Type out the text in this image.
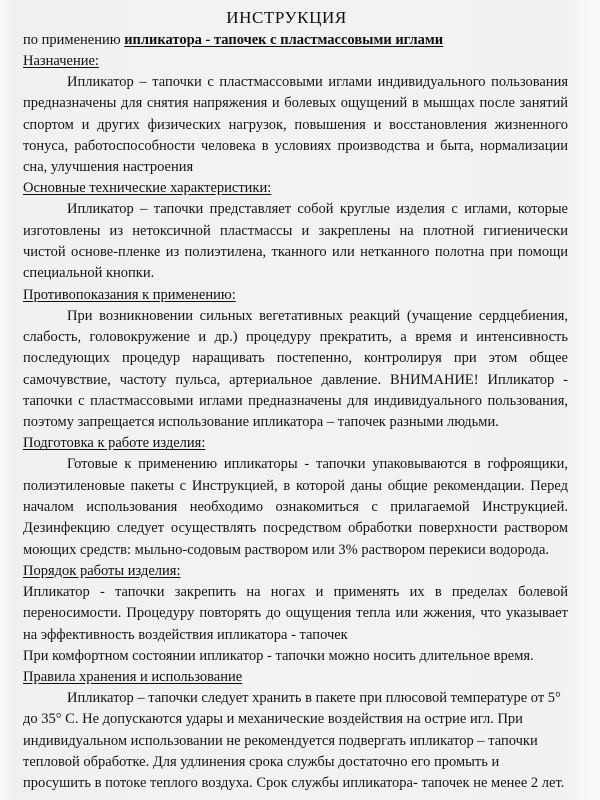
ИНСТРУКЦИЯ
по применению ипликатора - тапочек с пластмассовыми иглами
Назначение:

Ипликатор – тапочки с пластмассовыми иглами индивидуального пользования предназначены для снятия напряжения и болевых ощущений в мышцах после занятий спортом и других физических нагрузок, повышения и восстановления жизненного тонуса, работоспособности человека в условиях производства и быта, нормализации сна, улучшения настроения

Основные технические характеристики:

Ипликатор – тапочки представляет собой круглые изделия с иглами, которые изготовлены из нетоксичной пластмассы и закреплены на плотной гигиенически чистой основе-пленке из полиэтилена, тканного или нетканного полотна при помощи специальной кнопки.

Противопоказания к применению:

При возникновении сильных вегетативных реакций (учащение сердцебиения, слабость, головокружение и др.) процедуру прекратить, а время и интенсивность последующих процедур наращивать постепенно, контролируя при этом общее самочувствие, частоту пульса, артериальное давление. ВНИМАНИЕ! Ипликатор - тапочки с пластмассовыми иглами предназначены для индивидуального пользования, поэтому запрещается использование ипликатора – тапочек разными людьми.

Подготовка к работе изделия:

Готовые к применению ипликаторы - тапочки упаковываются в гофроящики, полиэтиленовые пакеты с Инструкцией, в которой даны общие рекомендации. Перед началом использования необходимо ознакомиться с прилагаемой Инструкцией. Дезинфекцию следует осуществлять посредством обработки поверхности раствором моющих средств: мыльно-содовым раствором или 3% раствором перекиси водорода.

Порядок работы изделия:

Ипликатор - тапочки закрепить на ногах и применять их в пределах болевой переносимости. Процедуру повторять до ощущения тепла или жжения, что указывает на эффективность воздействия ипликатора - тапочек

При комфортном состоянии ипликатор - тапочки можно носить длительное время.

Правила хранения и использование

Ипликатор – тапочки следует хранить в пакете при плюсовой температуре от 5° до 35° С. Не допускаются удары и механические воздействия на острие игл. При индивидуальном использовании не рекомендуется подвергать ипликатор – тапочки тепловой обработке. Для удлинения срока службы достаточно его промыть и просушить в потоке теплого воздуха. Срок службы ипликатора- тапочек не менее 2 лет.
